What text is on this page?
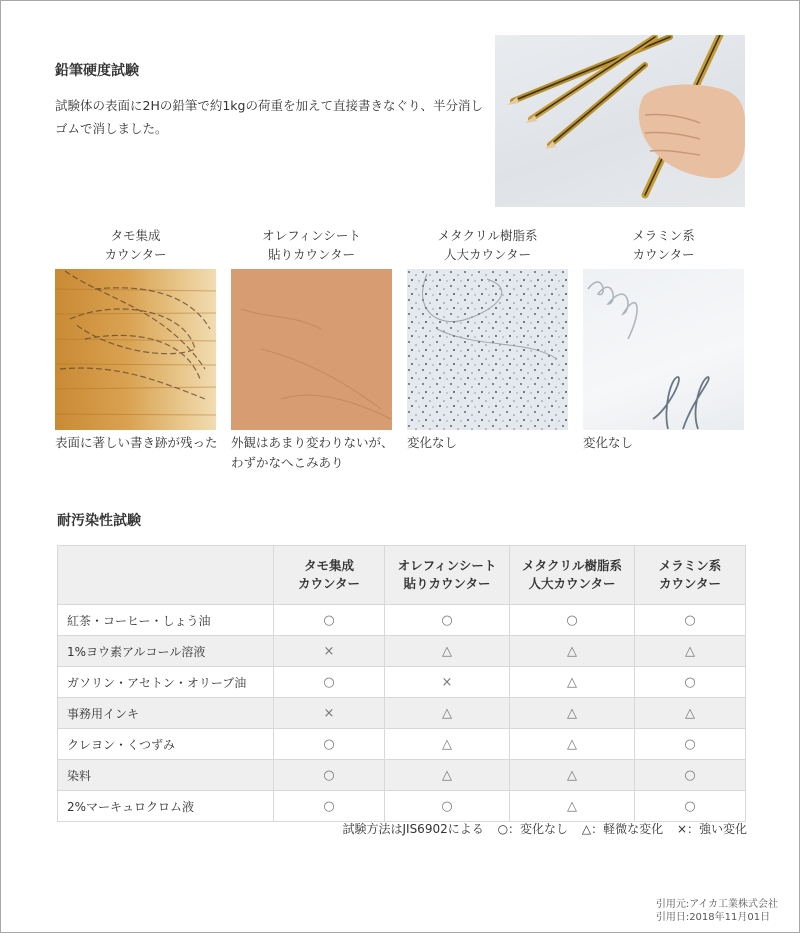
鉛筆硬度試験
試験体の表面に2Hの鉛筆で約1kgの荷重を加えて直接書きなぐり、半分消しゴムで消しました。
タモ集成
カウンター
オレフィンシート
貼りカウンター
メタクリル樹脂系
人大カウンター
メラミン系
カウンター
表面に著しい書き跡が残った 外観はあまり変わりないが、わずかなへこみあり
変化なし	変化なし
耐汚染性試験

タモ集成
カウンター

オレフィンシート
貼りカウンター

メタクリル樹脂系
人大カウンター

メラミン系
カウンター

紅茶・コーヒー・しょう油	○	○	○	○
1%ヨウ素アルコール溶液	×	△	△	△
ガソリン・アセトン・オリーブ油	○	×	△	○
事務用インキ	×	△	△	△
クレヨン・くつずみ	○	△	△	○
染料	○	△	△	○
2%マーキュロクロム液	○	○	△	○
試験方法はJIS6902による ○：変化なし △：軽微な変化 ×：強い変化
引用元:アイカ工業株式会社
引用日:2018年11月01日
